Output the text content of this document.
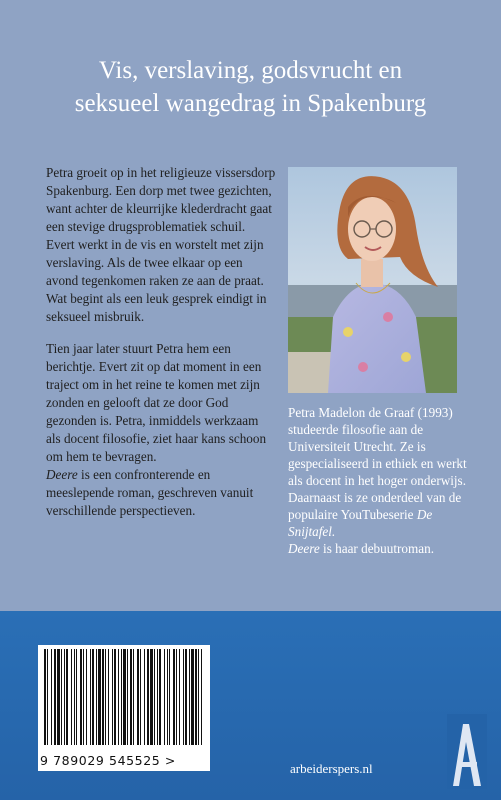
Vis, verslaving, godsvrucht en
seksueel wangedrag in Spakenburg

Petra groeit op in het religieuze vissersdorp Spakenburg. Een dorp met twee gezichten, want achter de kleurrijke klederdracht gaat een stevige drugsproblematiek schuil. Evert werkt in de vis en worstelt met zijn verslaving. Als de twee elkaar op een avond tegenkomen raken ze aan de praat. Wat begint als een leuk gesprek eindigt in seksueel misbruik.

Tien jaar later stuurt Petra hem een berichtje. Evert zit op dat moment in een traject om in het reine te komen met zijn zonden en gelooft dat ze door God gezonden is. Petra, inmiddels werkzaam als docent filosofie, ziet haar kans schoon om hem te bevragen.

Deere is een confronterende en meeslepende roman, geschreven vanuit verschillende perspectieven.

Petra Madelon de Graaf (1993) studeerde filosofie aan de Universiteit Utrecht. Ze is gespecialiseerd in ethiek en werkt als docent in het hoger onderwijs. Daarnaast is ze onderdeel van de populaire YouTubeserie De Snijtafel.
Deere is haar debuutroman.
9 789029 545525 >
arbeiderspers.nl
